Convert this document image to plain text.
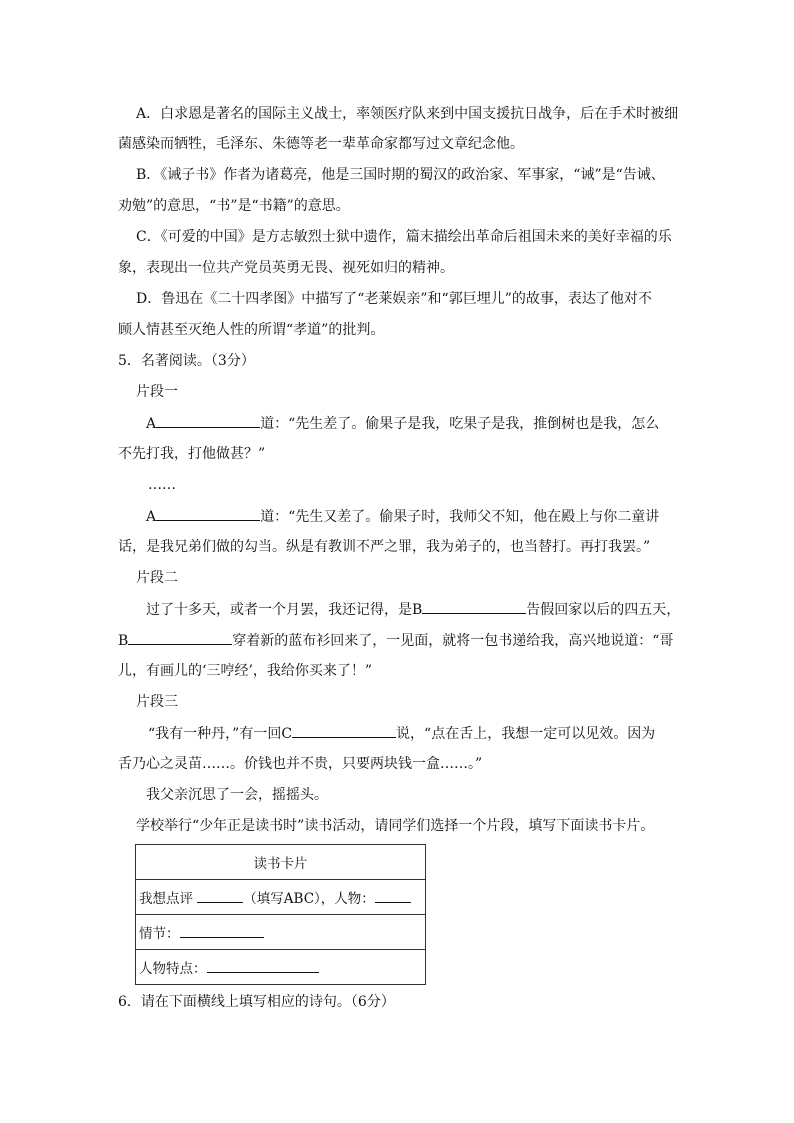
A．白求恩是著名的国际主义战士，率领医疗队来到中国支援抗日战争，后在手术时被细
菌感染而牺牲，毛泽东、朱德等老一辈革命家都写过文章纪念他。
B．《诫子书》作者为诸葛亮，他是三国时期的蜀汉的政治家、军事家，“诫”是“告诫、
劝勉”的意思，“书”是“书籍”的意思。
C．《可爱的中国》是方志敏烈士狱中遗作，篇末描绘出革命后祖国未来的美好幸福的乐
象，表现出一位共产党员英勇无畏、视死如归的精神。
D．鲁迅在《二十四孝图》中描写了“老莱娱亲”和“郭巨埋儿”的故事，表达了他对不
顾人情甚至灭绝人性的所谓“孝道”的批判。
5．名著阅读。（3分）
片段一
A	道：“先生差了。偷果子是我，吃果子是我，推倒树也是我，怎么
不先打我，打他做甚？”
……
A	道：“先生又差了。偷果子时，我师父不知，他在殿上与你二童讲
话，是我兄弟们做的勾当。纵是有教训不严之罪，我为弟子的，也当替打。再打我罢。”
片段二
过了十多天，或者一个月罢，我还记得，是B	告假回家以后的四五天，
B	穿着新的蓝布衫回来了，一见面，就将一包书递给我，高兴地说道：“哥
儿，有画儿的‘三哼经’，我给你买来了！”
片段三
“我有一种丹，”有一回C	说，“点在舌上，我想一定可以见效。因为
舌乃心之灵苗……。价钱也并不贵，只要两块钱一盒……。”
我父亲沉思了一会，摇摇头。
学校举行“少年正是读书时”读书活动，请同学们选择一个片段，填写下面读书卡片。
读书卡片
我想点评	（填写ABC），人物：
情节：
人物特点：
6．请在下面横线上填写相应的诗句。（6分）
